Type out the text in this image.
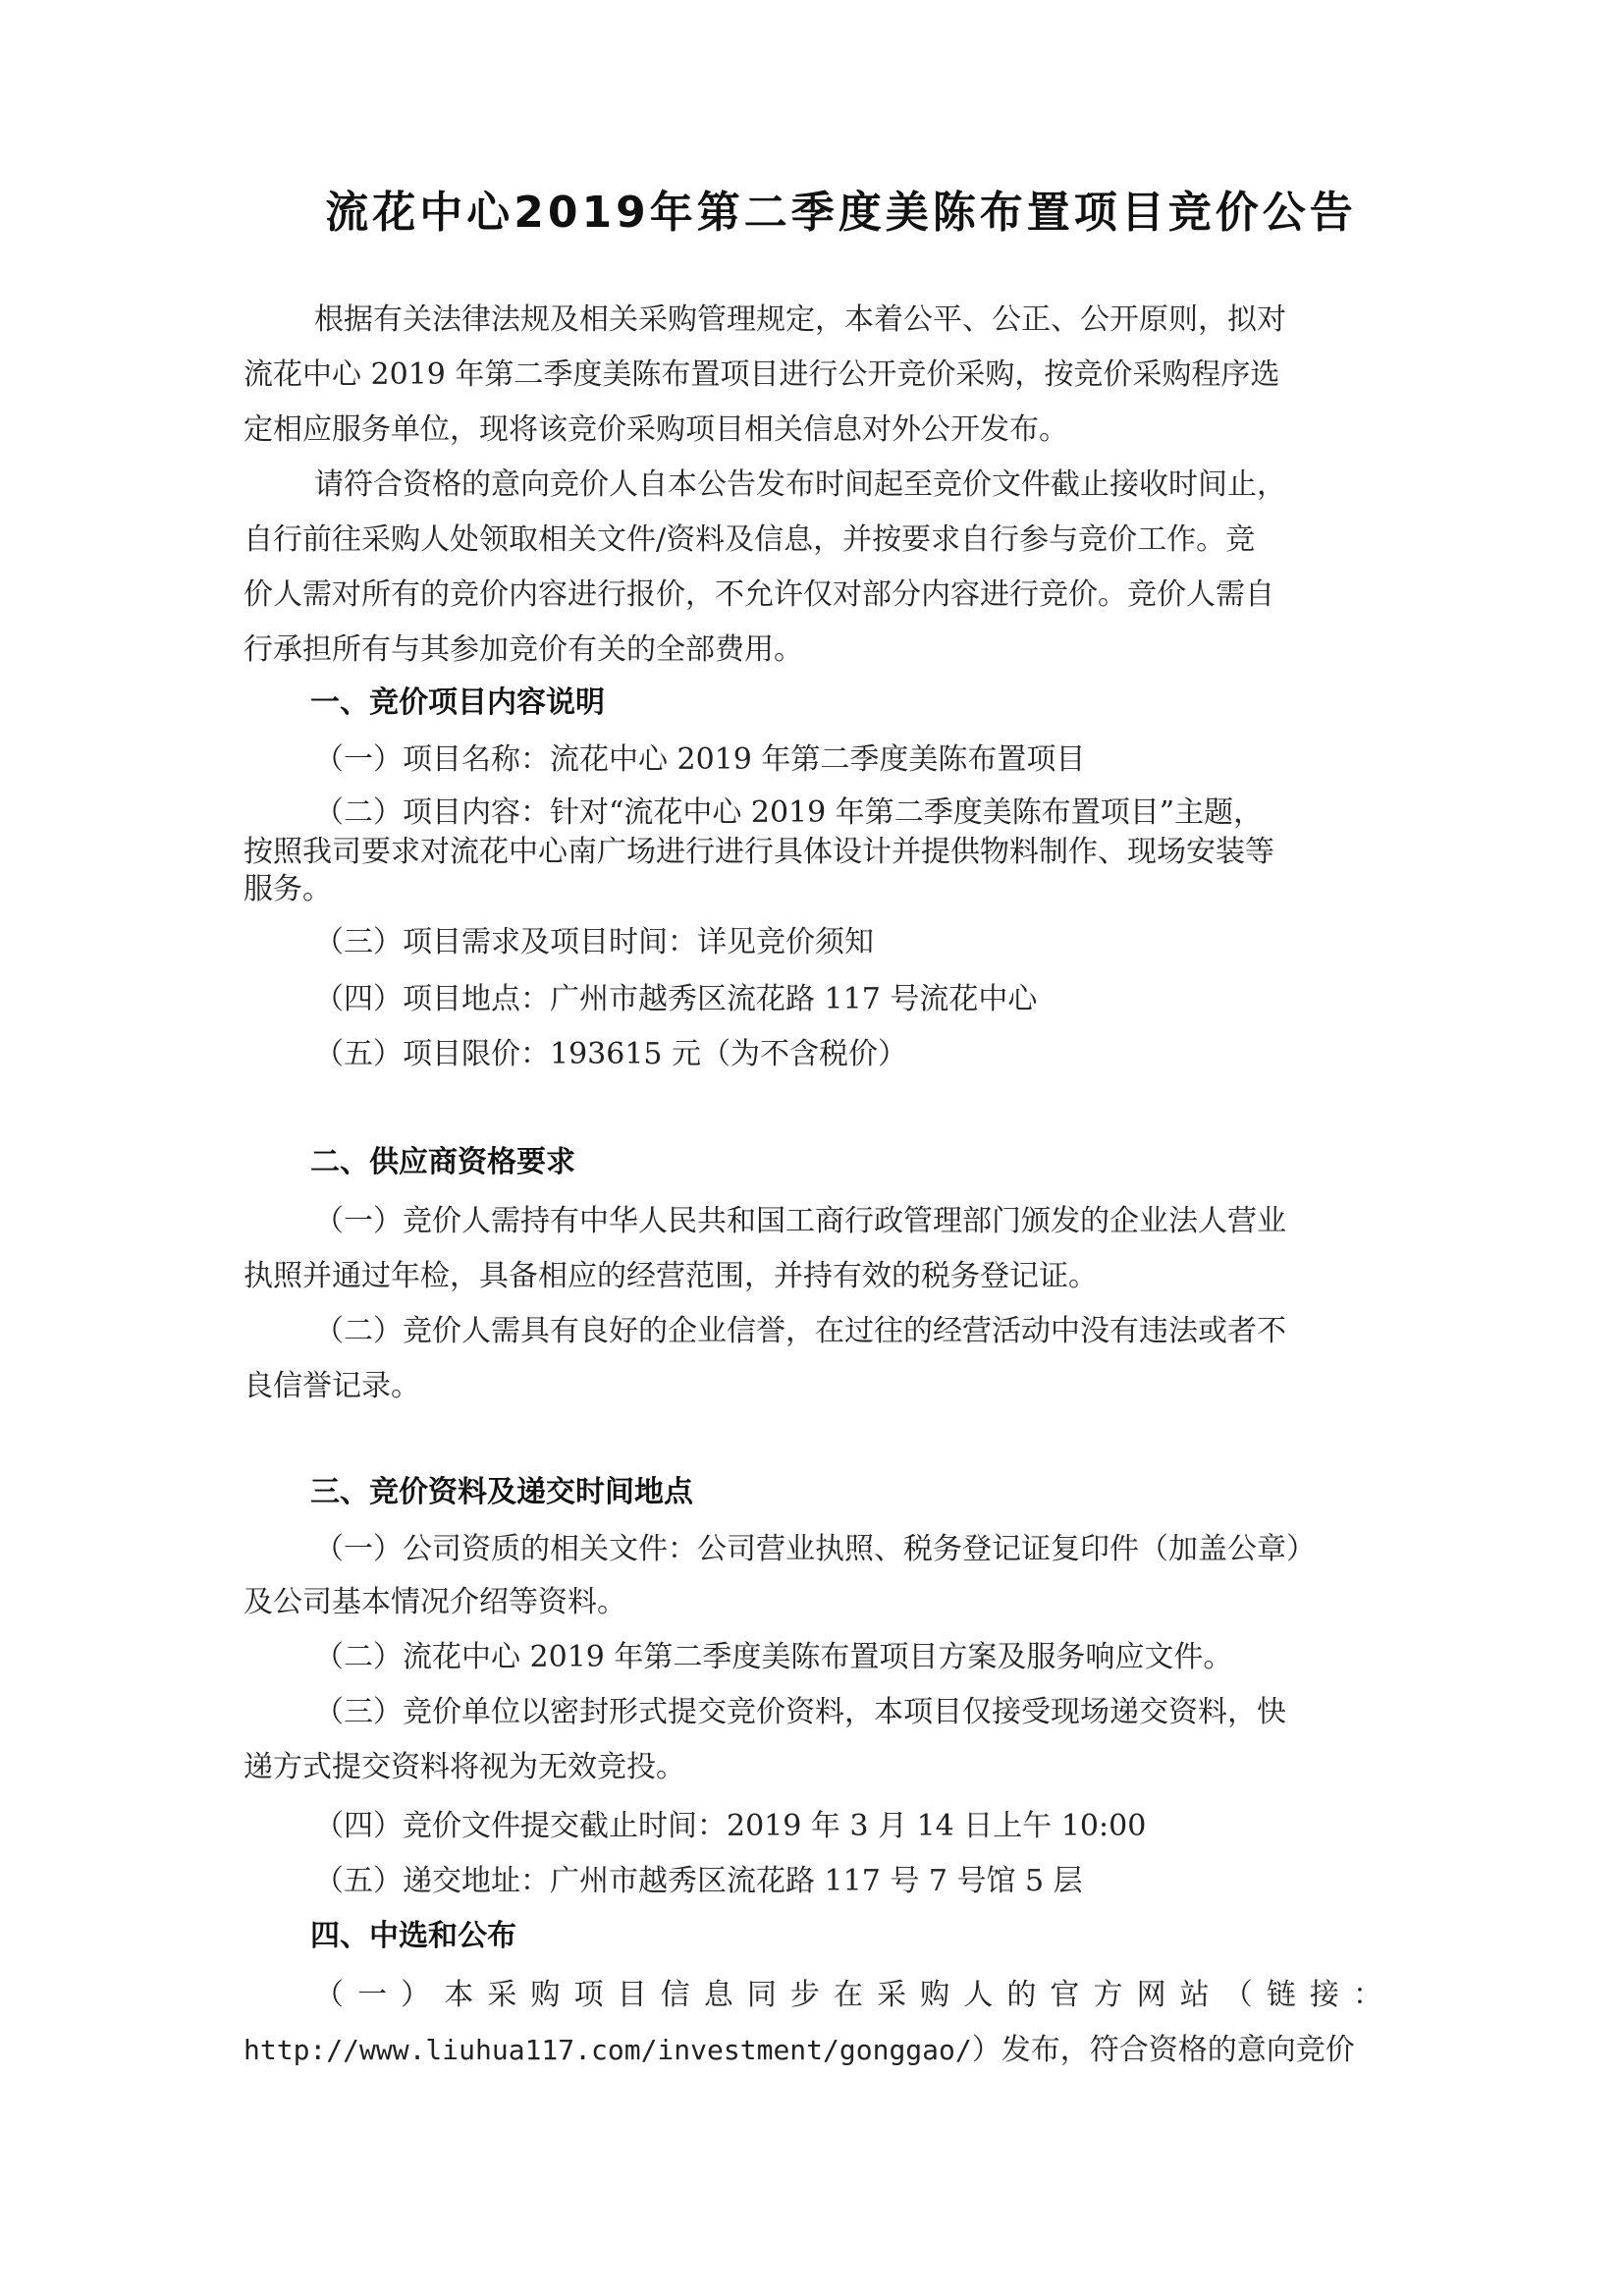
流花中心2019年第二季度美陈布置项目竞价公告

根据有关法律法规及相关采购管理规定，本着公平、公正、公开原则，拟对

流花中心 2019 年第二季度美陈布置项目进行公开竞价采购，按竞价采购程序选

定相应服务单位，现将该竞价采购项目相关信息对外公开发布。

请符合资格的意向竞价人自本公告发布时间起至竞价文件截止接收时间止，

自行前往采购人处领取相关文件/资料及信息，并按要求自行参与竞价工作。竞

价人需对所有的竞价内容进行报价，不允许仅对部分内容进行竞价。竞价人需自

行承担所有与其参加竞价有关的全部费用。

一、竞价项目内容说明

（一）项目名称：流花中心 2019 年第二季度美陈布置项目

（二）项目内容：针对“流花中心 2019 年第二季度美陈布置项目”主题，

按照我司要求对流花中心南广场进行进行具体设计并提供物料制作、现场安装等

服务。

（三）项目需求及项目时间：详见竞价须知

（四）项目地点：广州市越秀区流花路 117 号流花中心

（五）项目限价：193615 元（为不含税价）

二、供应商资格要求

（一）竞价人需持有中华人民共和国工商行政管理部门颁发的企业法人营业

执照并通过年检，具备相应的经营范围，并持有效的税务登记证。

（二）竞价人需具有良好的企业信誉，在过往的经营活动中没有违法或者不

良信誉记录。

三、竞价资料及递交时间地点

（一）公司资质的相关文件：公司营业执照、税务登记证复印件（加盖公章）

及公司基本情况介绍等资料。

（二）流花中心 2019 年第二季度美陈布置项目方案及服务响应文件。

（三）竞价单位以密封形式提交竞价资料，本项目仅接受现场递交资料，快

递方式提交资料将视为无效竞投。

（四）竞价文件提交截止时间：2019 年 3 月 14 日上午 10:00

（五）递交地址：广州市越秀区流花路 117 号 7 号馆 5 层

四、中选和公布

（一）本采购项目信息同步在采购人的官方网站（链接：

http://www.liuhua117.com/investment/gonggao/）发布，符合资格的意向竞价
